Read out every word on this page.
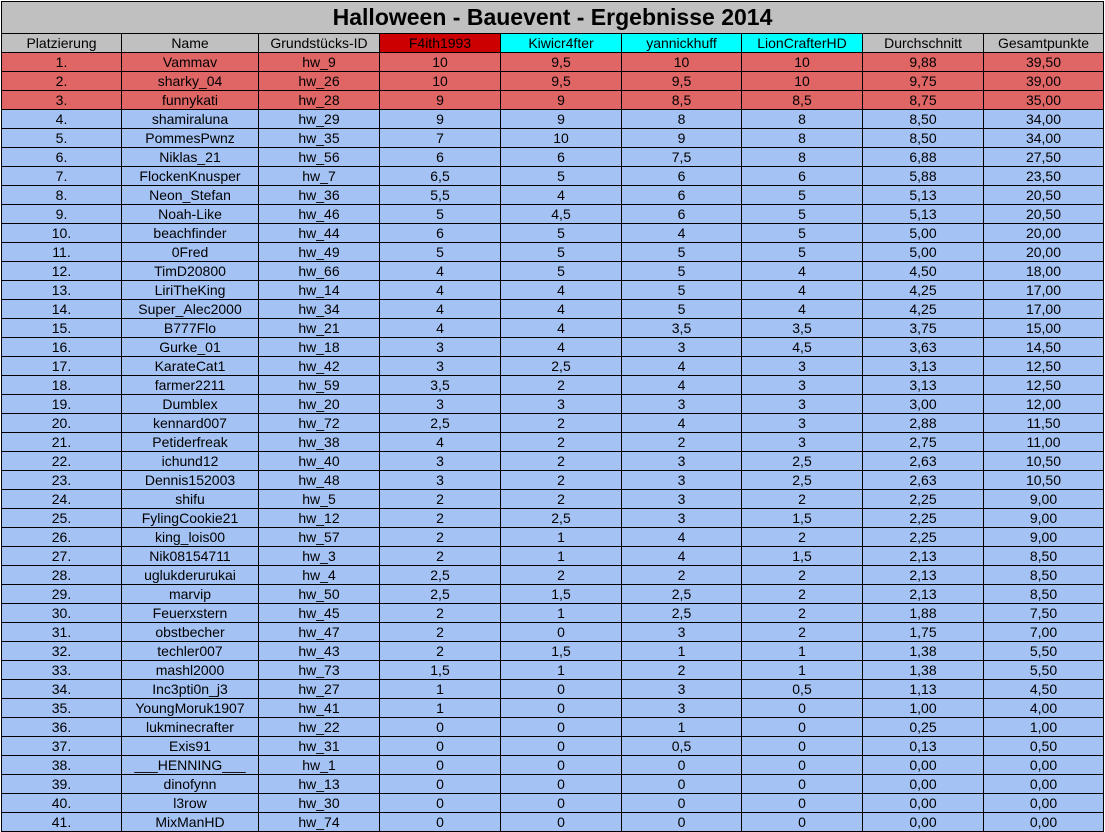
Halloween - Bauevent - Ergebnisse 2014								
Platzierung	Name	Grundstücks-ID	F4ith1993	Kiwicr4fter	yannickhuff	LionCrafterHD	Durchschnitt	Gesamtpunkte
1.	Vammav	hw_9	10	9,5	10	10	9,88	39,50
2.	sharky_04	hw_26	10	9,5	9,5	10	9,75	39,00
3.	funnykati	hw_28	9	9	8,5	8,5	8,75	35,00
4.	shamiraluna	hw_29	9	9	8	8	8,50	34,00
5.	PommesPwnz	hw_35	7	10	9	8	8,50	34,00
6.	Niklas_21	hw_56	6	6	7,5	8	6,88	27,50
7.	FlockenKnusper	hw_7	6,5	5	6	6	5,88	23,50
8.	Neon_Stefan	hw_36	5,5	4	6	5	5,13	20,50
9.	Noah-Like	hw_46	5	4,5	6	5	5,13	20,50
10.	beachfinder	hw_44	6	5	4	5	5,00	20,00
11.	0Fred	hw_49	5	5	5	5	5,00	20,00
12.	TimD20800	hw_66	4	5	5	4	4,50	18,00
13.	LiriTheKing	hw_14	4	4	5	4	4,25	17,00
14.	Super_Alec2000	hw_34	4	4	5	4	4,25	17,00
15.	B777Flo	hw_21	4	4	3,5	3,5	3,75	15,00
16.	Gurke_01	hw_18	3	4	3	4,5	3,63	14,50
17.	KarateCat1	hw_42	3	2,5	4	3	3,13	12,50
18.	farmer2211	hw_59	3,5	2	4	3	3,13	12,50
19.	Dumblex	hw_20	3	3	3	3	3,00	12,00
20.	kennard007	hw_72	2,5	2	4	3	2,88	11,50
21.	Petiderfreak	hw_38	4	2	2	3	2,75	11,00
22.	ichund12	hw_40	3	2	3	2,5	2,63	10,50
23.	Dennis152003	hw_48	3	2	3	2,5	2,63	10,50
24.	shifu	hw_5	2	2	3	2	2,25	9,00
25.	FylingCookie21	hw_12	2	2,5	3	1,5	2,25	9,00
26.	king_lois00	hw_57	2	1	4	2	2,25	9,00
27.	Nik08154711	hw_3	2	1	4	1,5	2,13	8,50
28.	uglukderurukai	hw_4	2,5	2	2	2	2,13	8,50
29.	marvip	hw_50	2,5	1,5	2,5	2	2,13	8,50
30.	Feuerxstern	hw_45	2	1	2,5	2	1,88	7,50
31.	obstbecher	hw_47	2	0	3	2	1,75	7,00
32.	techler007	hw_43	2	1,5	1	1	1,38	5,50
33.	mashl2000	hw_73	1,5	1	2	1	1,38	5,50
34.	Inc3pti0n_j3	hw_27	1	0	3	0,5	1,13	4,50
35.	YoungMoruk1907	hw_41	1	0	3	0	1,00	4,00
36.	lukminecrafter	hw_22	0	0	1	0	0,25	1,00
37.	Exis91	hw_31	0	0	0,5	0	0,13	0,50
38.	___HENNING___	hw_1	0	0	0	0	0,00	0,00
39.	dinofynn	hw_13	0	0	0	0	0,00	0,00
40.	l3row	hw_30	0	0	0	0	0,00	0,00
41.	MixManHD	hw_74	0	0	0	0	0,00	0,00
